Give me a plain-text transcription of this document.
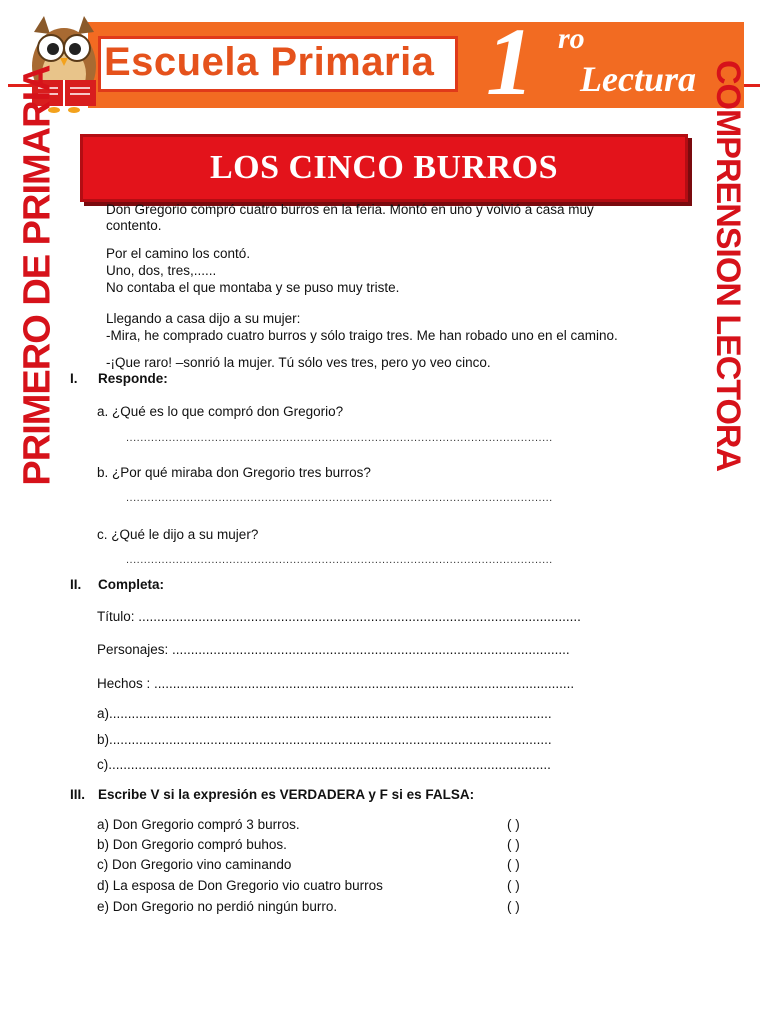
Escuela Primaria 1 ro
Lectura
PRIMERO DE PRIMARIA	COMPRENSION LECTORA
LOS CINCO BURROS
Don Gregorio compró cuatro burros en la feria. Montó en uno y volvió a casa muy
contento.
Por el camino los contó.
Uno, dos, tres,......
No contaba el que montaba y se puso muy triste.
Llegando a casa dijo a su mujer:
-Mira, he comprado cuatro burros y sólo traigo tres. Me han robado uno en el camino.
-¡Que raro! –sonrió la mujer. Tú sólo ves tres, pero yo veo cinco.
I. Responde:
a. ¿Qué es lo que compró don Gregorio?
........................................................................................................................
b. ¿Por qué miraba don Gregorio tres burros?
........................................................................................................................
c. ¿Qué le dijo a su mujer?
........................................................................................................................
II. Completa:
Título: ......................................................................................................................
Personajes: ..........................................................................................................
Hechos : ................................................................................................................
a)......................................................................................................................
b)......................................................................................................................
c)......................................................................................................................
III. Escribe V si la expresión es VERDADERA y F si es FALSA:
a) Don Gregorio compró 3 burros.	( )
b) Don Gregorio compró buhos.	( )
c) Don Gregorio vino caminando	( )
d) La esposa de Don Gregorio vio cuatro burros	( )
e) Don Gregorio no perdió ningún burro.	( )
